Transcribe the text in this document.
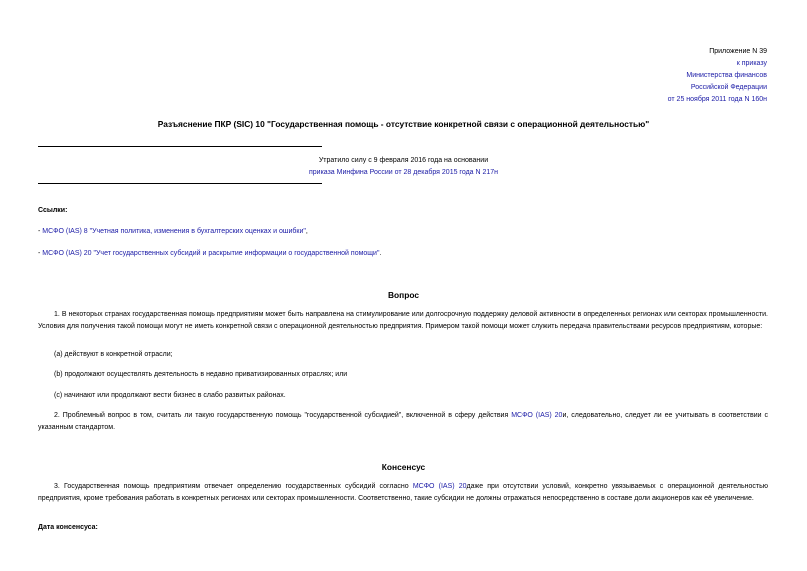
Приложение N 39
к приказу
Министерства финансов
Российской Федерации
от 25 ноября 2011 года N 160н
Разъяснение ПКР (SIC) 10 "Государственная помощь - отсутствие конкретной связи с операционной деятельностью"
Утратило силу с 9 февраля 2016 года на основании
приказа Минфина России от 28 декабря 2015 года N 217н
Ссылки:
- МСФО (IAS) 8 "Учетная политика, изменения в бухгалтерских оценках и ошибки",
- МСФО (IAS) 20 "Учет государственных субсидий и раскрытие информации о государственной помощи".
Вопрос
1. В некоторых странах государственная помощь предприятиям может быть направлена на стимулирование или долгосрочную поддержку деловой активности в определенных регионах или секторах промышленности. Условия для получения такой помощи могут не иметь конкретной связи с операционной деятельностью предприятия. Примером такой помощи может служить передача правительствами ресурсов предприятиям, которые:
(a) действуют в конкретной отрасли;
(b) продолжают осуществлять деятельность в недавно приватизированных отраслях; или
(c) начинают или продолжают вести бизнес в слабо развитых районах.
2. Проблемный вопрос в том, считать ли такую государственную помощь "государственной субсидией", включенной в сферу действия МСФО (IAS) 20и, следовательно, следует ли ее учитывать в соответствии с указанным стандартом.
Консенсус
3. Государственная помощь предприятиям отвечает определению государственных субсидий согласно МСФО (IAS) 20даже при отсутствии условий, конкретно увязываемых с операционной деятельностью предприятия, кроме требования работать в конкретных регионах или секторах промышленности. Соответственно, такие субсидии не должны отражаться непосредственно в составе доли акционеров как её увеличение.
Дата консенсуса:
